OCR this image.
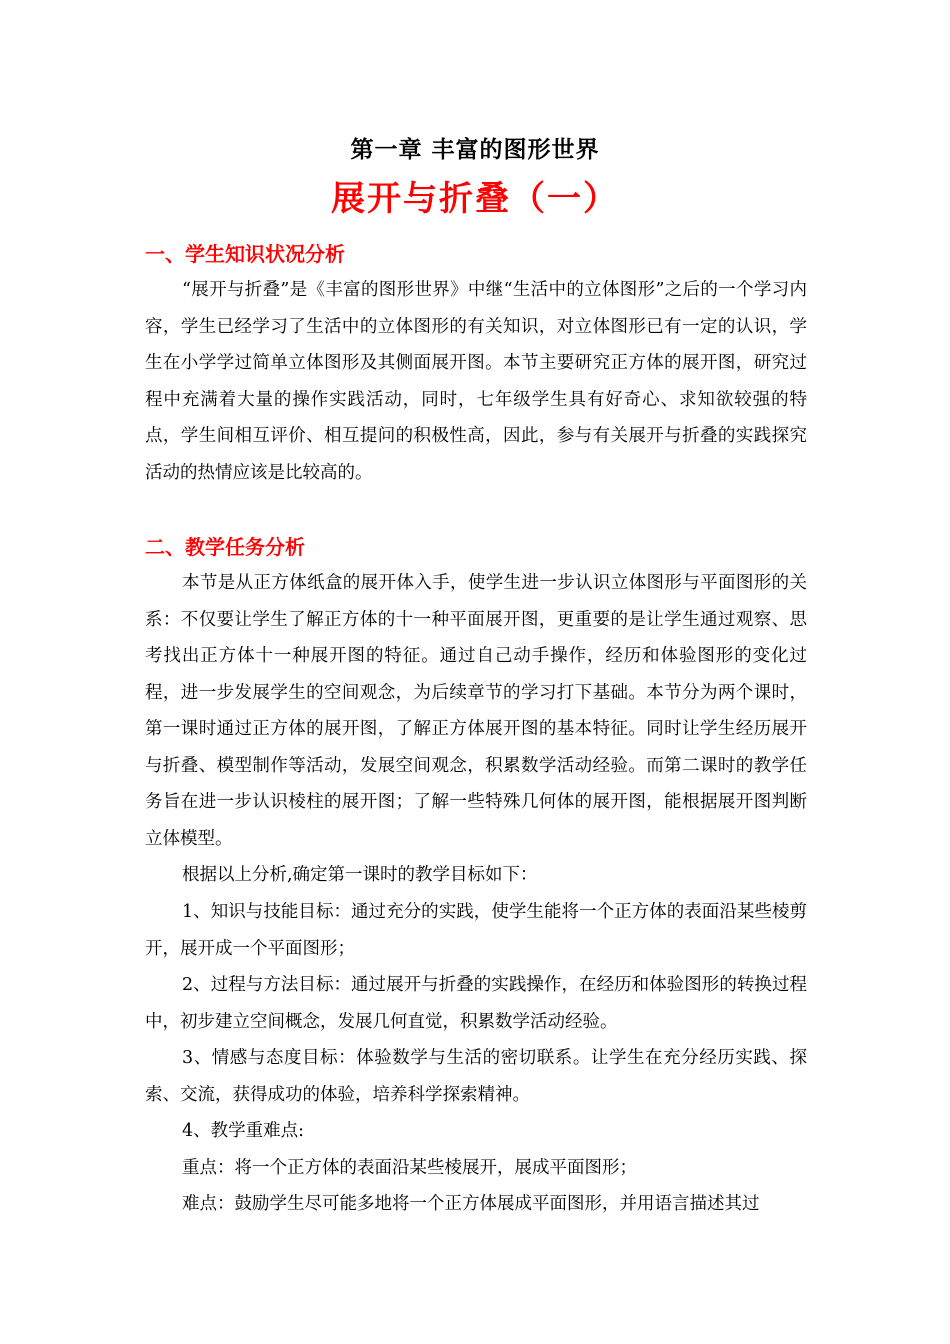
第一章 丰富的图形世界
展开与折叠（一）
一、学生知识状况分析
“展开与折叠”是《丰富的图形世界》中继“生活中的立体图形”之后的一个学习内容，学生已经学习了生活中的立体图形的有关知识，对立体图形已有一定的认识，学生在小学学过简单立体图形及其侧面展开图。本节主要研究正方体的展开图，研究过程中充满着大量的操作实践活动，同时，七年级学生具有好奇心、求知欲较强的特点，学生间相互评价、相互提问的积极性高，因此，参与有关展开与折叠的实践探究活动的热情应该是比较高的。
二、教学任务分析
本节是从正方体纸盒的展开体入手，使学生进一步认识立体图形与平面图形的关系：不仅要让学生了解正方体的十一种平面展开图，更重要的是让学生通过观察、思考找出正方体十一种展开图的特征。通过自己动手操作，经历和体验图形的变化过程，进一步发展学生的空间观念，为后续章节的学习打下基础。本节分为两个课时，第一课时通过正方体的展开图，了解正方体展开图的基本特征。同时让学生经历展开与折叠、模型制作等活动，发展空间观念，积累数学活动经验。而第二课时的教学任务旨在进一步认识棱柱的展开图；了解一些特殊几何体的展开图，能根据展开图判断立体模型。
根据以上分析,确定第一课时的教学目标如下：
1、知识与技能目标：通过充分的实践，使学生能将一个正方体的表面沿某些棱剪开，展开成一个平面图形；
2、过程与方法目标：通过展开与折叠的实践操作，在经历和体验图形的转换过程中，初步建立空间概念，发展几何直觉，积累数学活动经验。
3、情感与态度目标：体验数学与生活的密切联系。让学生在充分经历实践、探索、交流，获得成功的体验，培养科学探索精神。
4、教学重难点:
重点：将一个正方体的表面沿某些棱展开，展成平面图形；
难点：鼓励学生尽可能多地将一个正方体展成平面图形，并用语言描述其过
